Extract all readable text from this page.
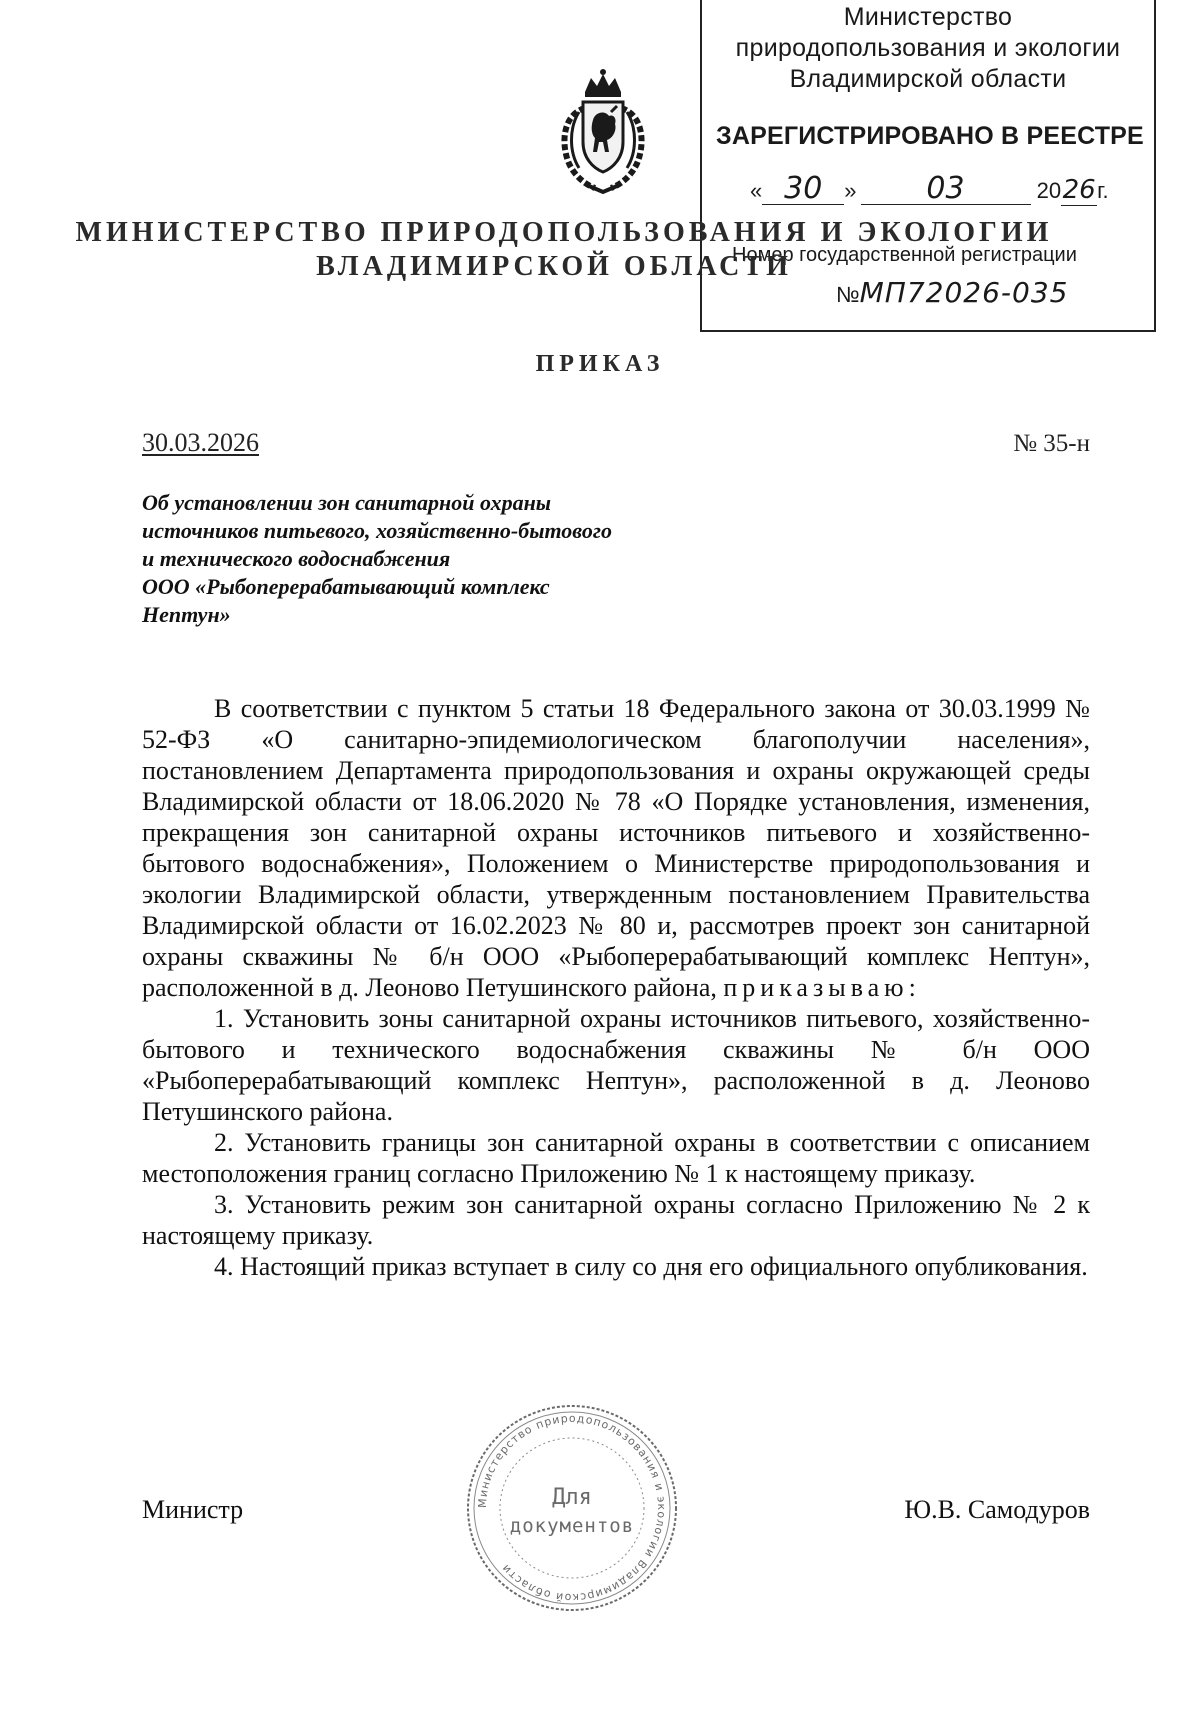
Министерство
природопользования и экологии
Владимирской области
ЗАРЕГИСТРИРОВАНО В РЕЕСТРЕ
« 30 » 03	2026г.
Номер государственной регистрации
№МП72026-035
МИНИСТЕРСТВО ПРИРОДОПОЛЬЗОВАНИЯ И ЭКОЛОГИИ
ВЛАДИМИРСКОЙ ОБЛАСТИ
ПРИКАЗ
30.03.2026	№ 35-н
Об установлении зон санитарной охраны
источников питьевого, хозяйственно-бытового
и технического водоснабжения
ООО «Рыбоперерабатывающий комплекс
Нептун»

В соответствии с пунктом 5 статьи 18 Федерального закона от 30.03.1999 № 52-ФЗ «О санитарно-эпидемиологическом благополучии населения», постановлением Департамента природопользования и охраны окружающей среды Владимирской области от 18.06.2020 № 78 «О Порядке установления, изменения, прекращения зон санитарной охраны источников питьевого и хозяйственно-бытового водоснабжения», Положением о Министерстве природопользования и экологии Владимирской области, утвержденным постановлением Правительства Владимирской области от 16.02.2023 № 80 и, рассмотрев проект зон санитарной охраны скважины № б/н ООО «Рыбоперерабатывающий комплекс Нептун», расположенной в д. Леоново Петушинского района, приказываю:

1. Установить зоны санитарной охраны источников питьевого, хозяйственно-бытового и технического водоснабжения скважины № б/н ООО «Рыбоперерабатывающий комплекс Нептун», расположенной в д. Леоново Петушинского района.

2. Установить границы зон санитарной охраны в соответствии с описанием местоположения границ согласно Приложению № 1 к настоящему приказу.

3. Установить режим зон санитарной охраны согласно Приложению № 2 к настоящему приказу.

4. Настоящий приказ вступает в силу со дня его официального опубликования.

Министр	Ю.В. Самодуров
Министерство природопользования и экологии Владимирской области
Для
документов
